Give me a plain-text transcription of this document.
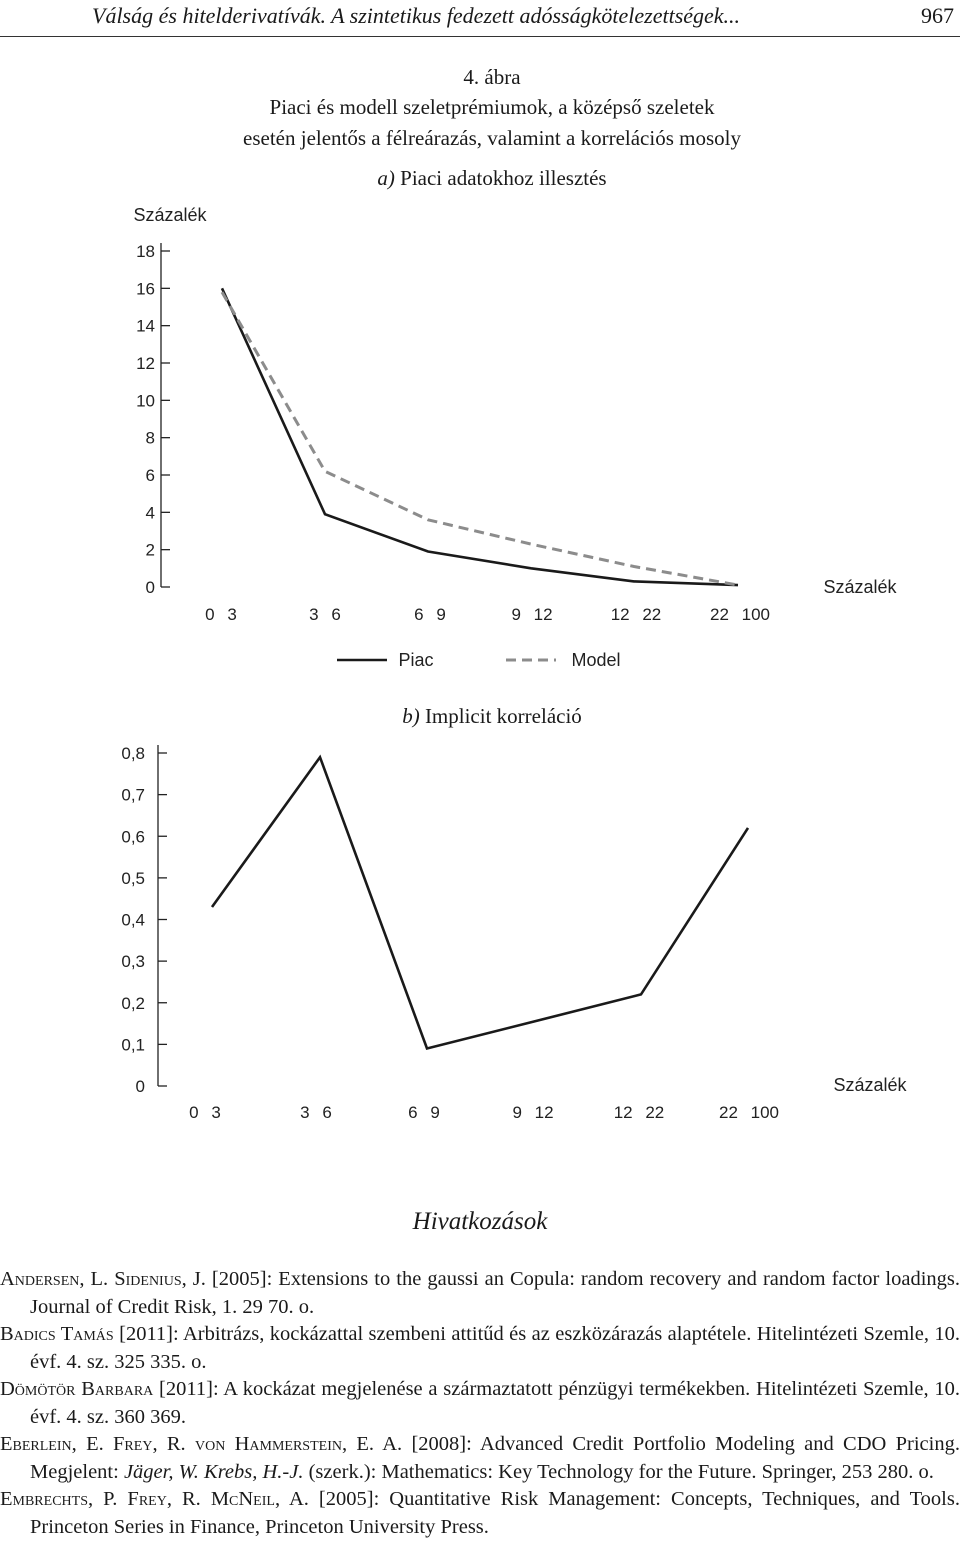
Válság és hitelderivatívák. A szintetikus fedezett adósságkötelezettségek...	967
4. ábra
Piaci és modell szeletprémiumok, a középső szeletek
esetén jelentős a félreárazás, valamint a korrelációs mosoly
a) Piaci adatokhoz illesztés
0
2
4
6
8
10
12
14
16
18
Százalék
0 3	3 6	6 9	9 12	12 22	22 100
Százalék
Piac	Model
b) Implicit korreláció
0
0,1
0,2
0,3
0,4
0,5
0,6
0,7
0,8
0 3	3 6	6 9	9 12	12 22	22 100
Százalék
Hivatkozások

Andersen, L. Sidenius, J. [2005]: Extensions to the gaussi an Copula: random recovery and random factor loadings. Journal of Credit Risk, 1. 29 70. o.

Badics Tamás [2011]: Arbitrázs, kockázattal szembeni attitűd és az eszközárazás alaptétele. Hitelintézeti Szemle, 10. évf. 4. sz. 325 335. o.

Dömötör Barbara [2011]: A kockázat megjelenése a származtatott pénzügyi termékekben. Hitelintézeti Szemle, 10. évf. 4. sz. 360 369.

Eberlein, E. Frey, R. von Hammerstein, E. A. [2008]: Advanced Credit Portfolio Modeling and CDO Pricing. Megjelent: Jäger, W. Krebs, H.-J. (szerk.): Mathematics: Key Technology for the Future. Springer, 253 280. o.

Embrechts, P. Frey, R. McNeil, A. [2005]: Quantitative Risk Management: Concepts, Techniques, and Tools. Princeton Series in Finance, Princeton University Press.
